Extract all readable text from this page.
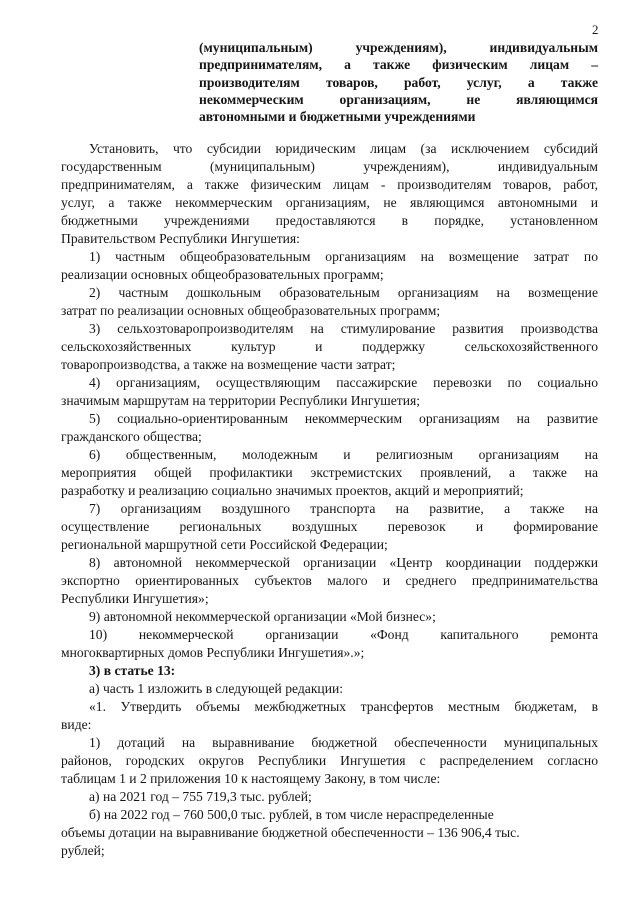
2
(муниципальным) учреждениям), индивидуальным
предпринимателям, а также физическим лицам –
производителям товаров, работ, услуг, а также
некоммерческим организациям, не являющимся
автономными и бюджетными учреждениями
Установить, что субсидии юридическим лицам (за исключением субсидий
государственным (муниципальным) учреждениям), индивидуальным
предпринимателям, а также физическим лицам - производителям товаров, работ,
услуг, а также некоммерческим организациям, не являющимся автономными и
бюджетными учреждениями предоставляются в порядке, установленном
Правительством Республики Ингушетия:
1) частным общеобразовательным организациям на возмещение затрат по
реализации основных общеобразовательных программ;
2) частным дошкольным образовательным организациям на возмещение
затрат по реализации основных общеобразовательных программ;
3) сельхозтоваропроизводителям на стимулирование развития производства
сельскохозяйственных культур и поддержку сельскохозяйственного
товаропроизводства, а также на возмещение части затрат;
4) организациям, осуществляющим пассажирские перевозки по социально
значимым маршрутам на территории Республики Ингушетия;
5) социально-ориентированным некоммерческим организациям на развитие
гражданского общества;
6) общественным, молодежным и религиозным организациям на
мероприятия общей профилактики экстремистских проявлений, а также на
разработку и реализацию социально значимых проектов, акций и мероприятий;
7) организациям воздушного транспорта на развитие, а также на
осуществление региональных воздушных перевозок и формирование
региональной маршрутной сети Российской Федерации;
8) автономной некоммерческой организации «Центр координации поддержки
экспортно ориентированных субъектов малого и среднего предпринимательства
Республики Ингушетия»;
9) автономной некоммерческой организации «Мой бизнес»;
10) некоммерческой организации «Фонд капитального ремонта
многоквартирных домов Республики Ингушетия».»;
3) в статье 13:
а) часть 1 изложить в следующей редакции:
«1. Утвердить объемы межбюджетных трансфертов местным бюджетам, в
виде:
1) дотаций на выравнивание бюджетной обеспеченности муниципальных
районов, городских округов Республики Ингушетия с распределением согласно
таблицам 1 и 2 приложения 10 к настоящему Закону, в том числе:
а) на 2021 год – 755 719,3 тыс. рублей;
б) на 2022 год – 760 500,0 тыс. рублей, в том числе нераспределенные
объемы дотации на выравнивание бюджетной обеспеченности – 136 906,4 тыс.
рублей;
